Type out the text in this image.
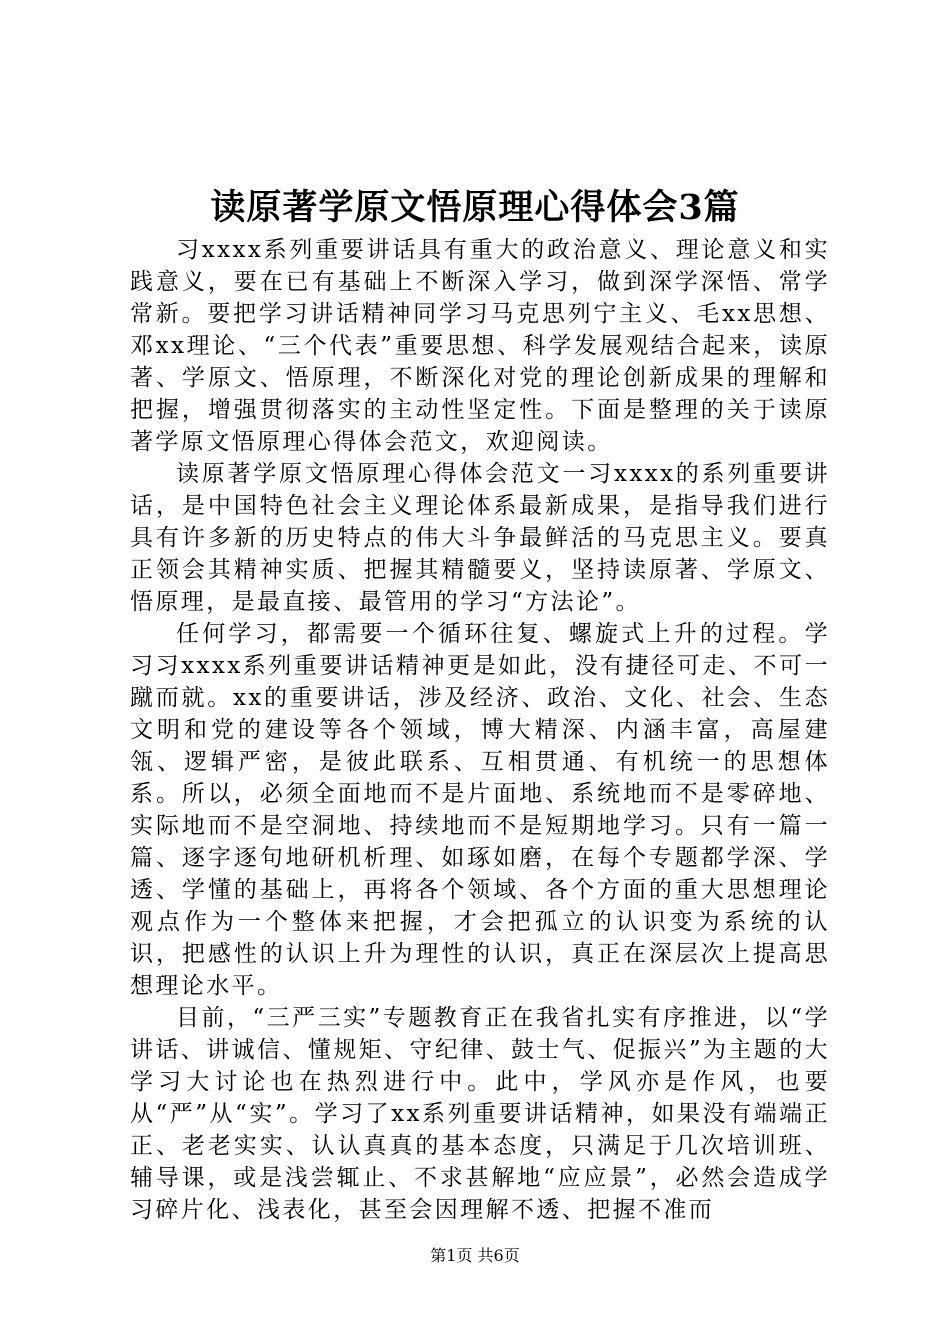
读原著学原文悟原理心得体会3篇

习xxxx系列重要讲话具有重大的政治意义、理论意义和实践意义，要在已有基础上不断深入学习，做到深学深悟、常学常新。要把学习讲话精神同学习马克思列宁主义、毛xx思想、邓xx理论、“三个代表”重要思想、科学发展观结合起来，读原著、学原文、悟原理，不断深化对党的理论创新成果的理解和把握，增强贯彻落实的主动性坚定性。下面是整理的关于读原著学原文悟原理心得体会范文，欢迎阅读。

读原著学原文悟原理心得体会范文一习xxxx的系列重要讲话，是中国特色社会主义理论体系最新成果，是指导我们进行具有许多新的历史特点的伟大斗争最鲜活的马克思主义。要真正领会其精神实质、把握其精髓要义，坚持读原著、学原文、悟原理，是最直接、最管用的学习“方法论”。

任何学习，都需要一个循环往复、螺旋式上升的过程。学习习xxxx系列重要讲话精神更是如此，没有捷径可走、不可一蹴而就。xx的重要讲话，涉及经济、政治、文化、社会、生态文明和党的建设等各个领域，博大精深、内涵丰富，高屋建瓴、逻辑严密，是彼此联系、互相贯通、有机统一的思想体系。所以，必须全面地而不是片面地、系统地而不是零碎地、实际地而不是空洞地、持续地而不是短期地学习。只有一篇一篇、逐字逐句地研机析理、如琢如磨，在每个专题都学深、学透、学懂的基础上，再将各个领域、各个方面的重大思想理论观点作为一个整体来把握，才会把孤立的认识变为系统的认识，把感性的认识上升为理性的认识，真正在深层次上提高思想理论水平。

目前，“三严三实”专题教育正在我省扎实有序推进，以“学讲话、讲诚信、懂规矩、守纪律、鼓士气、促振兴”为主题的大学习大讨论也在热烈进行中。此中，学风亦是作风，也要从“严”从“实”。学习了xx系列重要讲话精神，如果没有端端正正、老老实实、认认真真的基本态度，只满足于几次培训班、辅导课，或是浅尝辄止、不求甚解地“应应景”，必然会造成学习碎片化、浅表化，甚至会因理解不透、把握不准而

第1页 共6页
